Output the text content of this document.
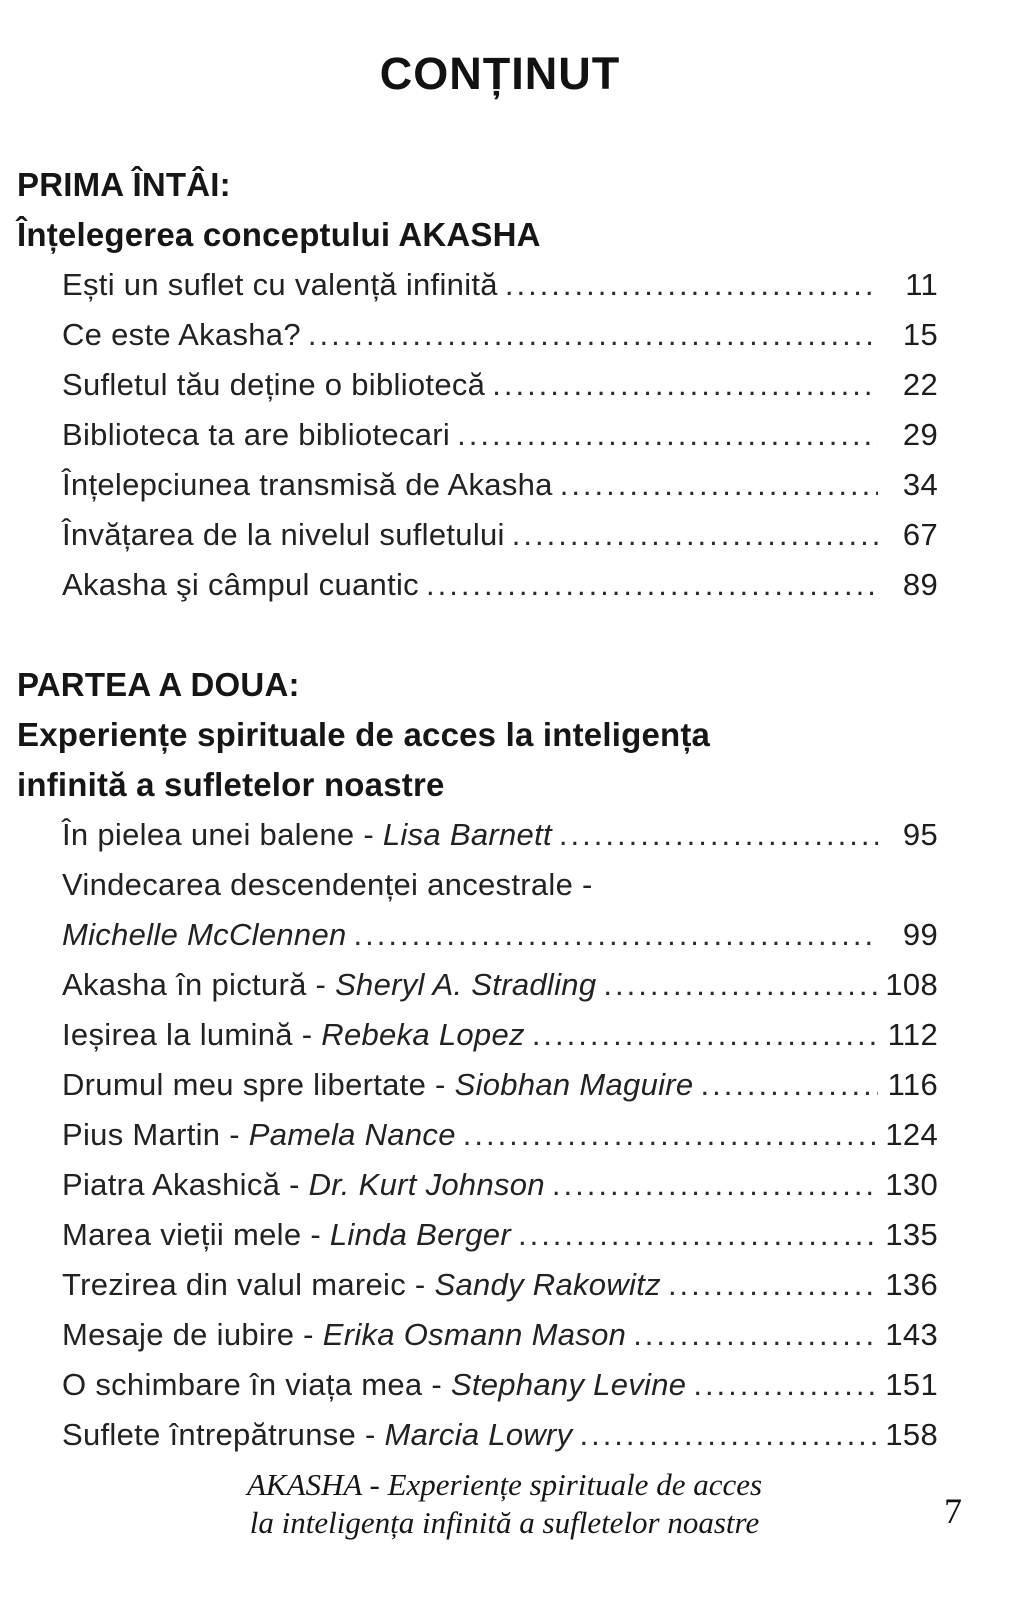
CONȚINUT
PRIMA ÎNTÂI:
Înțelegerea conceptului AKASHA
Ești un suflet cu valență infinită .....	11
Ce este Akasha? .....	15
Sufletul tău deține o bibliotecă .....	22
Biblioteca ta are bibliotecari .....	29
Înțelepciunea transmisă de Akasha .....	34
Învățarea de la nivelul sufletului .....	67
Akasha şi câmpul cuantic .....	89
PARTEA A DOUA:
Experiențe spirituale de acces la inteligența
infinită a sufletelor noastre
În pielea unei balene - Lisa Barnett .....	95
Vindecarea descendenței ancestrale -
Michelle McClennen .....	99
Akasha în pictură - Sheryl A. Stradling .....	108
Ieșirea la lumină - Rebeka Lopez .....	112
Drumul meu spre libertate - Siobhan Maguire .....	116
Pius Martin - Pamela Nance .....	124
Piatra Akashică - Dr. Kurt Johnson .....	130
Marea vieții mele - Linda Berger .....	135
Trezirea din valul mareic - Sandy Rakowitz .....	136
Mesaje de iubire - Erika Osmann Mason .....	143
O schimbare în viața mea - Stephany Levine .....	151
Suflete întrepătrunse - Marcia Lowry .....	158
AKASHA - Experiențe spirituale de acces
la inteligența infinită a sufletelor noastre	7
